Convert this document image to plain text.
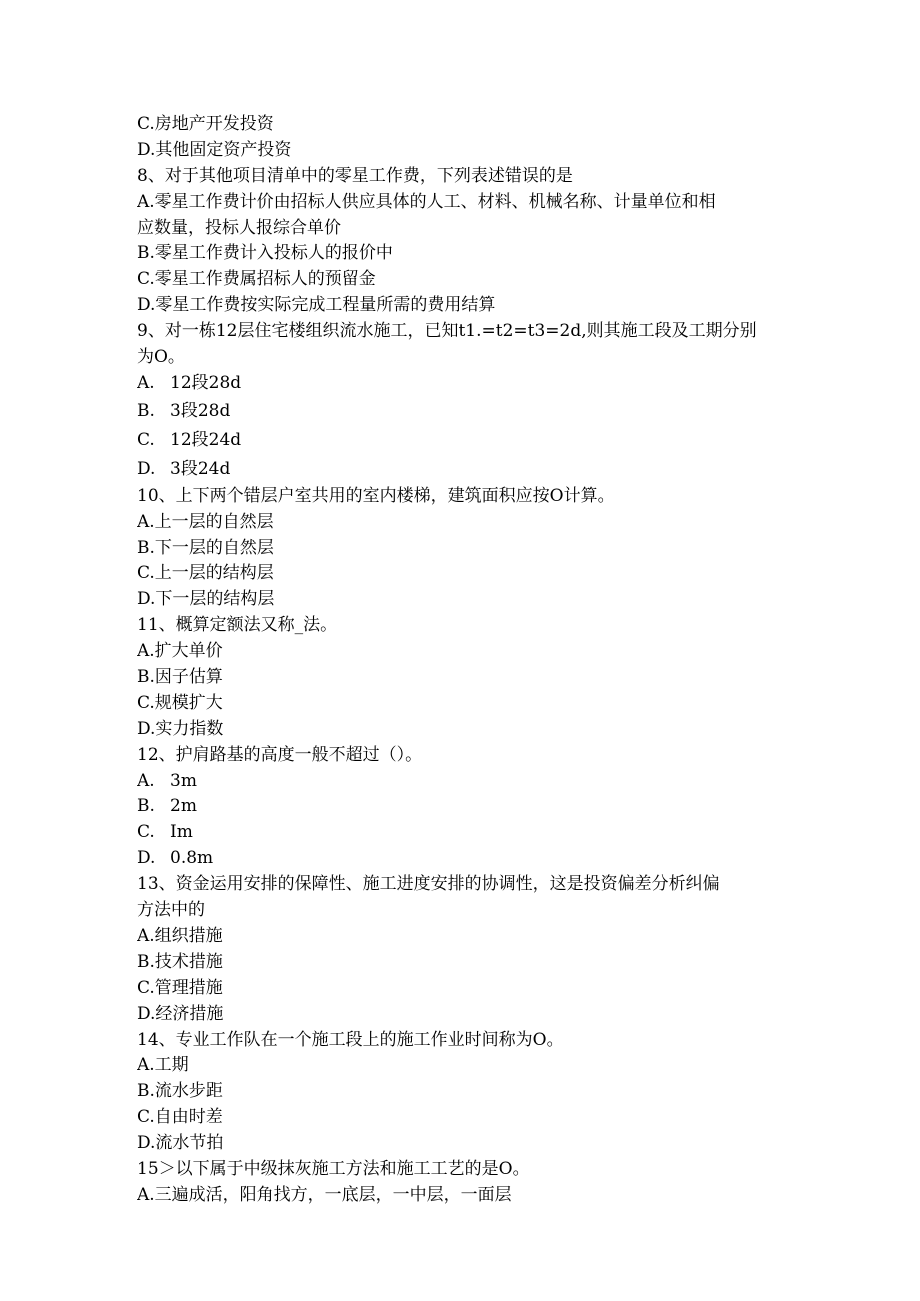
C.房地产开发投资
D.其他固定资产投资
8、对于其他项目清单中的零星工作费，下列表述错误的是
A.零星工作费计价由招标人供应具体的人工、材料、机械名称、计量单位和相
应数量，投标人报综合单价
B.零星工作费计入投标人的报价中
C.零星工作费属招标人的预留金
D.零星工作费按实际完成工程量所需的费用结算
9、对一栋12层住宅楼组织流水施工，已知t1.=t2=t3=2d,则其施工段及工期分别
为O。
A. 12段28d
B. 3段28d
C. 12段24d
D. 3段24d
10、上下两个错层户室共用的室内楼梯，建筑面积应按O计算。
A.上一层的自然层
B.下一层的自然层
C.上一层的结构层
D.下一层的结构层
11、概算定额法又称_法。
A.扩大单价
B.因子估算
C.规模扩大
D.实力指数
12、护肩路基的高度一般不超过（）。
A. 3m
B. 2m
C. Im
D. 0.8m
13、资金运用安排的保障性、施工进度安排的协调性，这是投资偏差分析纠偏
方法中的
A.组织措施
B.技术措施
C.管理措施
D.经济措施
14、专业工作队在一个施工段上的施工作业时间称为O。
A.工期
B.流水步距
C.自由时差
D.流水节拍
15＞以下属于中级抹灰施工方法和施工工艺的是O。
A.三遍成活，阳角找方，一底层，一中层，一面层
